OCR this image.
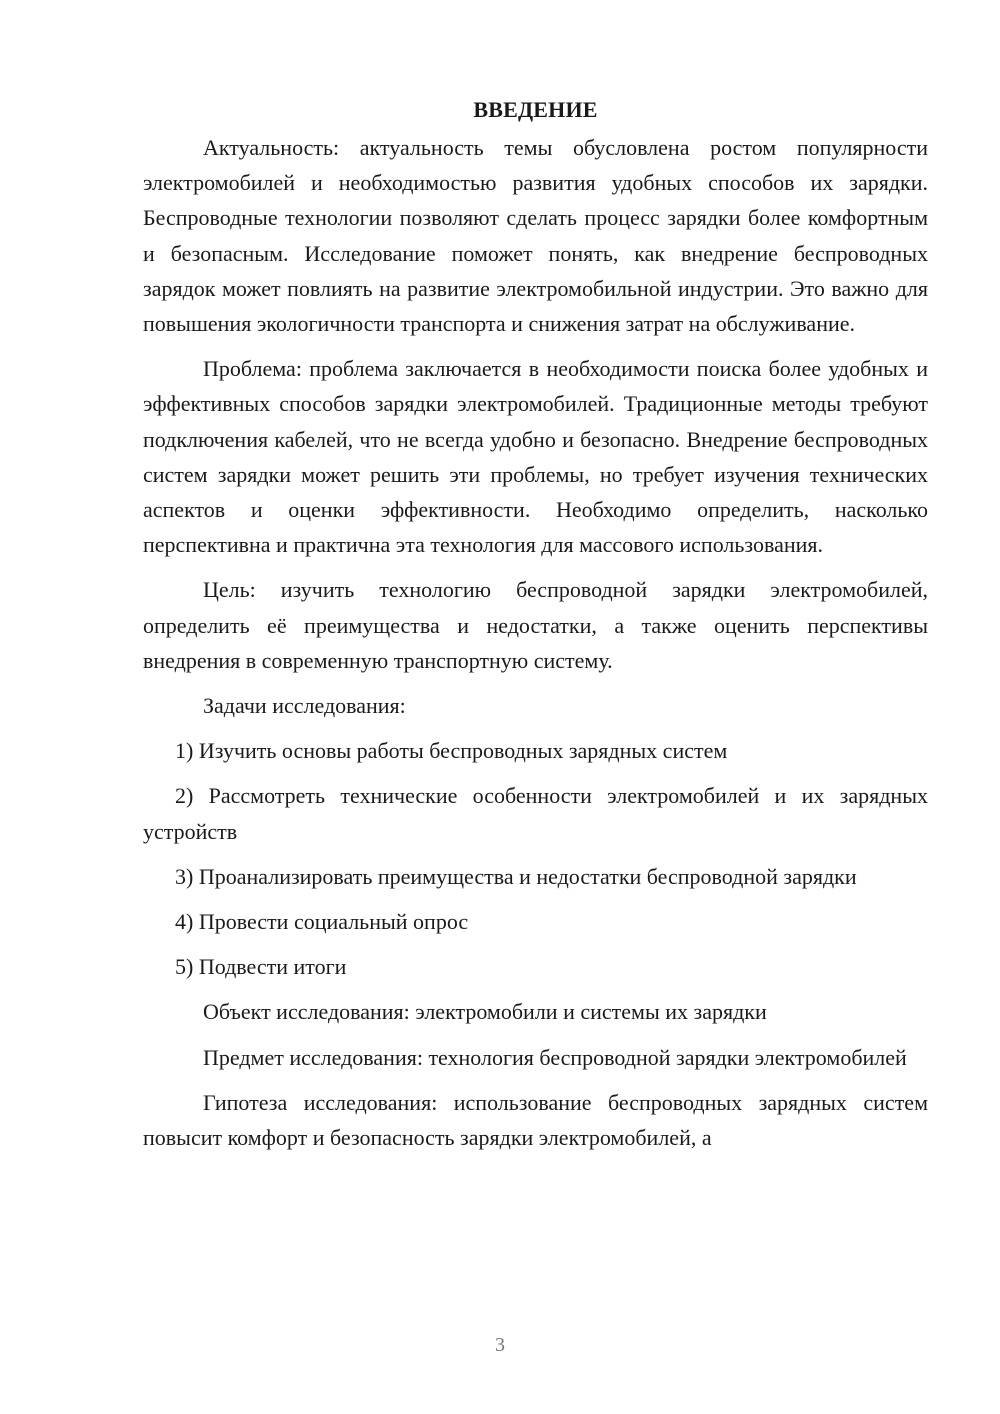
ВВЕДЕНИЕ

Актуальность: актуальность темы обусловлена ростом популярности электромобилей и необходимостью развития удобных способов их зарядки. Беспроводные технологии позволяют сделать процесс зарядки более комфортным и безопасным. Исследование поможет понять, как внедрение беспроводных зарядок может повлиять на развитие электромобильной индустрии. Это важно для повышения экологичности транспорта и снижения затрат на обслуживание.

Проблема: проблема заключается в необходимости поиска более удобных и эффективных способов зарядки электромобилей. Традиционные методы требуют подключения кабелей, что не всегда удобно и безопасно. Внедрение беспроводных систем зарядки может решить эти проблемы, но требует изучения технических аспектов и оценки эффективности. Необходимо определить, насколько перспективна и практична эта технология для массового использования.

Цель: изучить технологию беспроводной зарядки электромобилей, определить её преимущества и недостатки, а также оценить перспективы внедрения в современную транспортную систему.

Задачи исследования:

1) Изучить основы работы беспроводных зарядных систем

2) Рассмотреть технические особенности электромобилей и их зарядных устройств

3) Проанализировать преимущества и недостатки беспроводной зарядки

4) Провести социальный опрос

5) Подвести итоги

Объект исследования: электромобили и системы их зарядки

Предмет исследования: технология беспроводной зарядки электромобилей

Гипотеза исследования: использование беспроводных зарядных систем повысит комфорт и безопасность зарядки электромобилей, а

3
